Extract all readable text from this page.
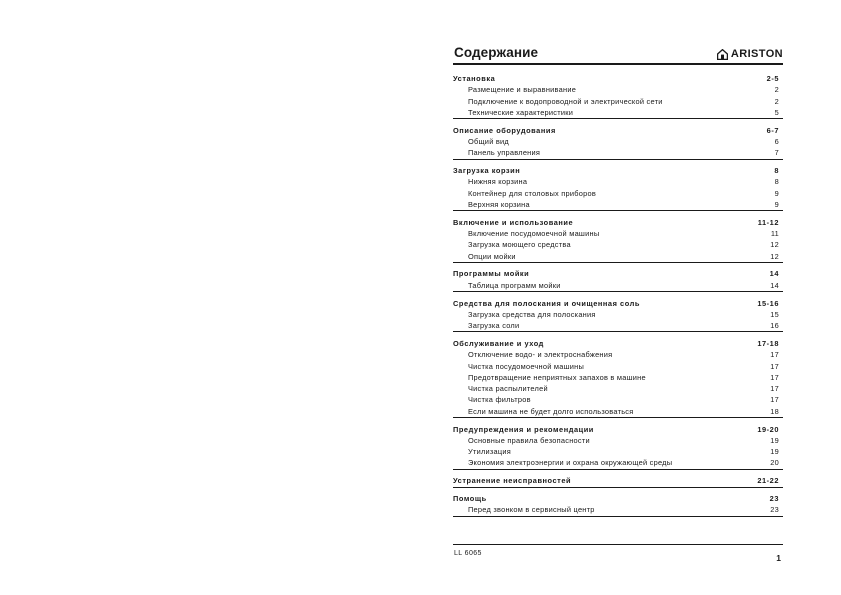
Содержание	ARISTON
Установка	2-5
Размещение и выравнивание	2
Подключение к водопроводной и электрической сети	2
Технические характеристики	5
Описание оборудования	6-7
Общий вид	6
Панель управления	7
Загрузка корзин	8
Нижняя корзина	8
Контейнер для столовых приборов	9
Верхняя корзина	9
Включение и использование	11-12
Включение посудомоечной машины	11
Загрузка моющего средства	12
Опции мойки	12
Программы мойки	14
Таблица программ мойки	14
Средства для полоскания и очищенная соль	15-16
Загрузка средства для полоскания	15
Загрузка соли	16
Обслуживание и уход	17-18
Отключение водо- и электроснабжения	17
Чистка посудомоечной машины	17
Предотвращение неприятных запахов в машине	17
Чистка распылителей	17
Чистка фильтров	17
Если машина не будет долго использоваться	18
Предупреждения и рекомендации	19-20
Основные правила безопасности	19
Утилизация	19
Экономия электроэнергии и охрана окружающей среды	20
Устранение неисправностей	21-22
Помощь	23
Перед звонком в сервисный центр	23
LL 6065	1
